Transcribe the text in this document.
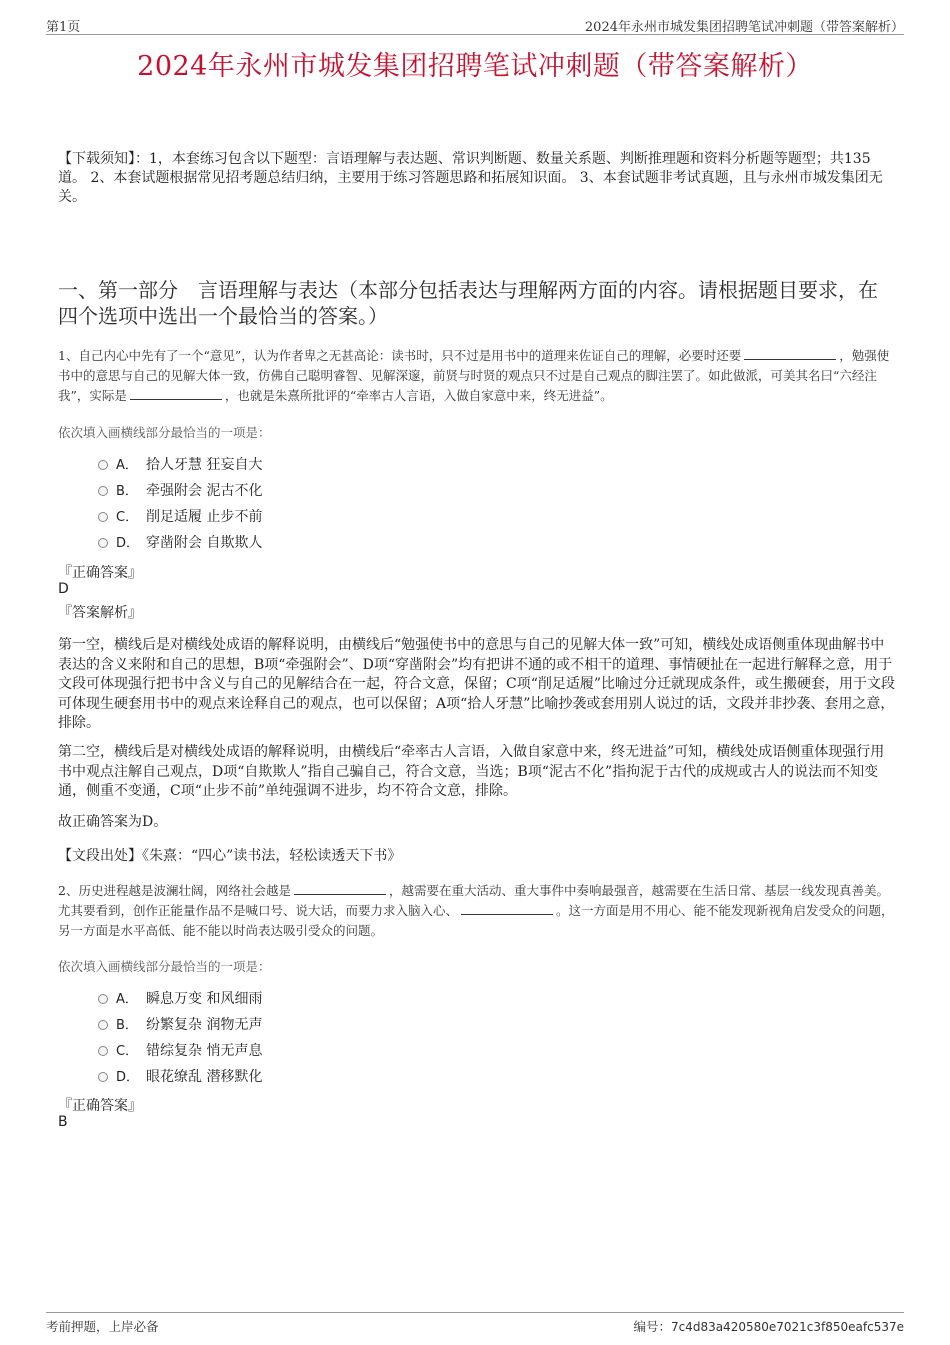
第1页	2024年永州市城发集团招聘笔试冲刺题（带答案解析）
2024年永州市城发集团招聘笔试冲刺题（带答案解析）
【下载须知】：1，本套练习包含以下题型：言语理解与表达题、常识判断题、数量关系题、判断推理题和资料分析题等题型；共135道。 2、本套试题根据常见招考题总结归纳，主要用于练习答题思路和拓展知识面。 3、本套试题非考试真题，且与永州市城发集团无关。
一、第一部分　言语理解与表达（本部分包括表达与理解两方面的内容。请根据题目要求，在四个选项中选出一个最恰当的答案。）
1、自己内心中先有了一个“意见”，认为作者卑之无甚高论：读书时，只不过是用书中的道理来佐证自己的理解，必要时还要	，勉强使书中的意思与自己的见解大体一致，仿佛自己聪明睿智、见解深邃，前贤与时贤的观点只不过是自己观点的脚注罢了。如此做派，可美其名曰“六经注我”，实际是	，也就是朱熹所批评的“牵率古人言语，入做自家意中来，终无进益”。
依次填入画横线部分最恰当的一项是：
A． 拾人牙慧 狂妄自大
B． 牵强附会 泥古不化
C． 削足适履 止步不前
D． 穿凿附会 自欺欺人
『正确答案』
D
『答案解析』
第一空，横线后是对横线处成语的解释说明，由横线后“勉强使书中的意思与自己的见解大体一致”可知，横线处成语侧重体现曲解书中表达的含义来附和自己的思想，B项“牵强附会”、D项“穿凿附会”均有把讲不通的或不相干的道理、事情硬扯在一起进行解释之意，用于文段可体现强行把书中含义与自己的见解结合在一起，符合文意，保留；C项“削足适履”比喻过分迁就现成条件，或生搬硬套，用于文段可体现生硬套用书中的观点来诠释自己的观点，也可以保留；A项“拾人牙慧”比喻抄袭或套用别人说过的话，文段并非抄袭、套用之意，排除。
第二空，横线后是对横线处成语的解释说明，由横线后“牵率古人言语，入做自家意中来，终无进益”可知，横线处成语侧重体现强行用书中观点注解自己观点，D项“自欺欺人”指自己骗自己，符合文意，当选；B项“泥古不化”指拘泥于古代的成规或古人的说法而不知变通，侧重不变通，C项“止步不前”单纯强调不进步，均不符合文意，排除。
故正确答案为D。
【文段出处】《朱熹：“四心”读书法，轻松读透天下书》
2、历史进程越是波澜壮阔，网络社会越是	，越需要在重大活动、重大事件中奏响最强音，越需要在生活日常、基层一线发现真善美。尤其要看到，创作正能量作品不是喊口号、说大话，而要力求入脑入心、	。这一方面是用不用心、能不能发现新视角启发受众的问题，另一方面是水平高低、能不能以时尚表达吸引受众的问题。
依次填入画横线部分最恰当的一项是：
A． 瞬息万变 和风细雨
B． 纷繁复杂 润物无声
C． 错综复杂 悄无声息
D． 眼花缭乱 潜移默化
『正确答案』
B
考前押题，上岸必备	编号：7c4d83a420580e7021c3f850eafc537e
